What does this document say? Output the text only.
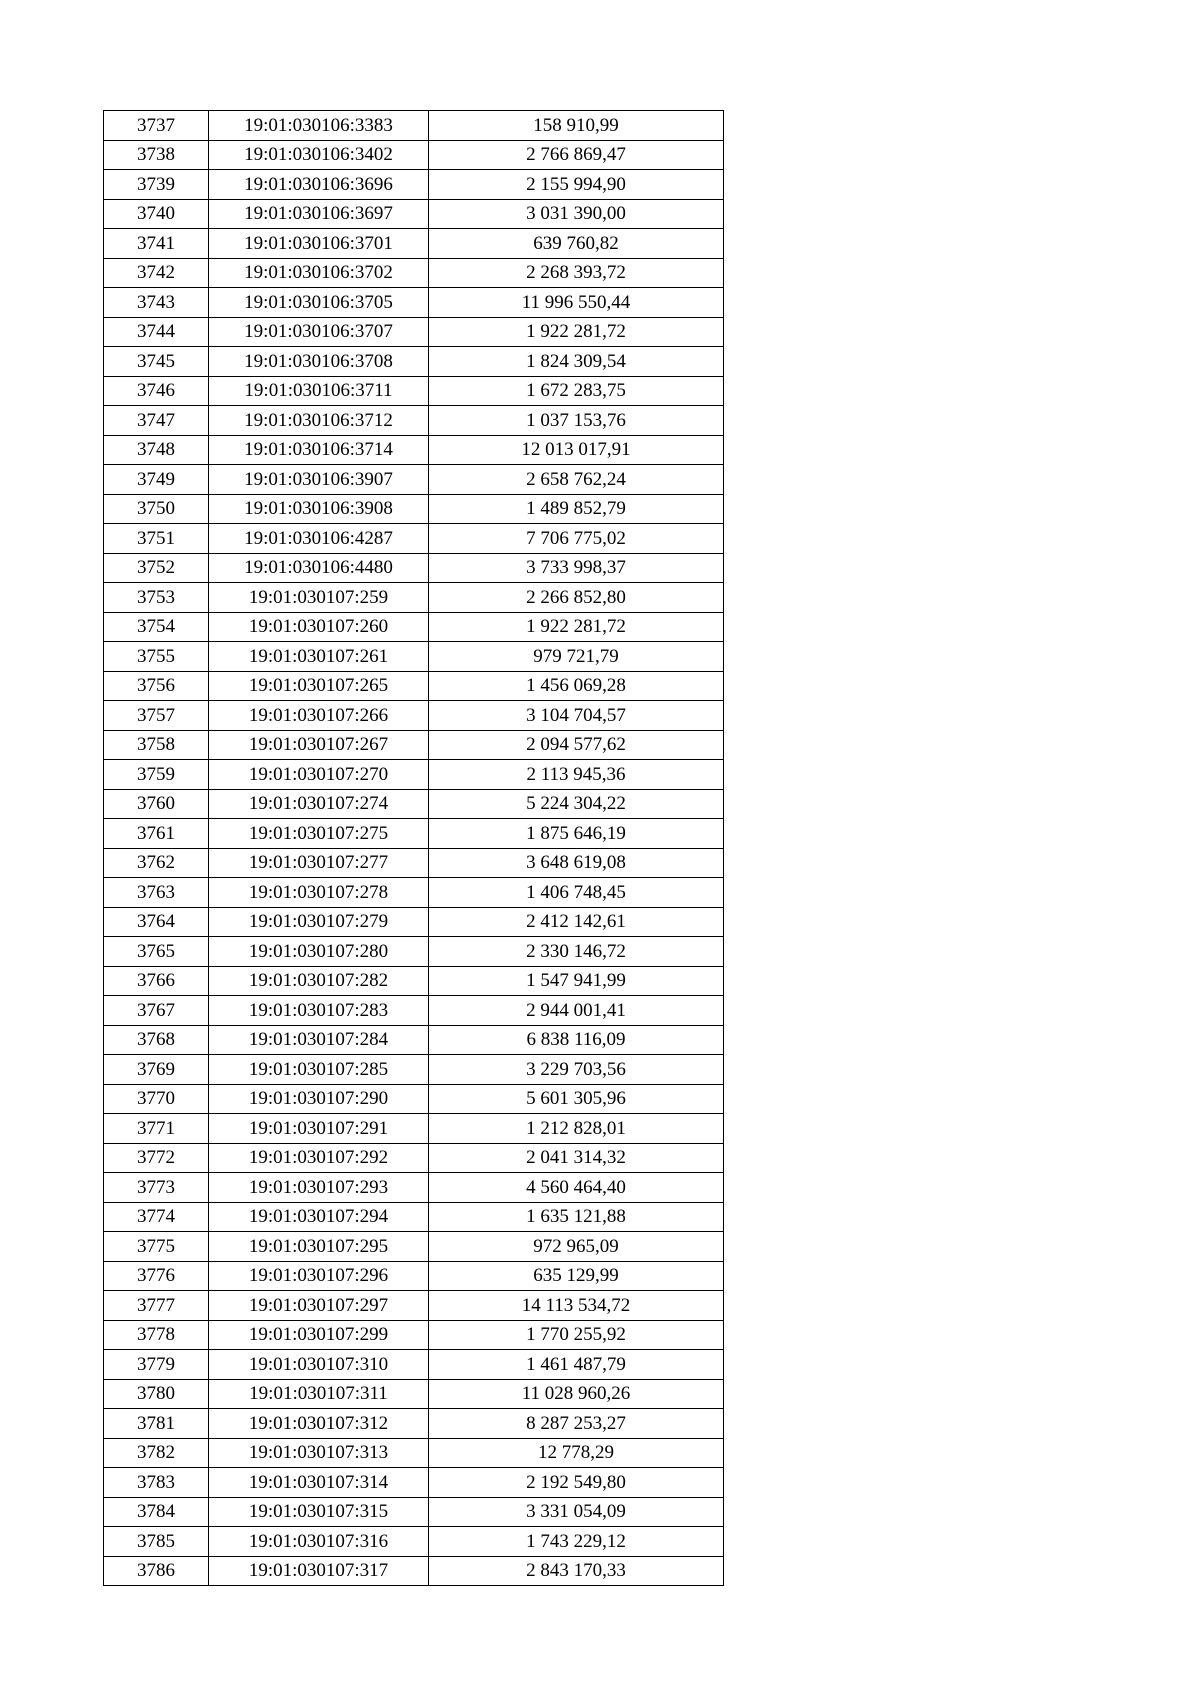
3737	19:01:030106:3383	158 910,99
3738	19:01:030106:3402	2 766 869,47
3739	19:01:030106:3696	2 155 994,90
3740	19:01:030106:3697	3 031 390,00
3741	19:01:030106:3701	639 760,82
3742	19:01:030106:3702	2 268 393,72
3743	19:01:030106:3705	11 996 550,44
3744	19:01:030106:3707	1 922 281,72
3745	19:01:030106:3708	1 824 309,54
3746	19:01:030106:3711	1 672 283,75
3747	19:01:030106:3712	1 037 153,76
3748	19:01:030106:3714	12 013 017,91
3749	19:01:030106:3907	2 658 762,24
3750	19:01:030106:3908	1 489 852,79
3751	19:01:030106:4287	7 706 775,02
3752	19:01:030106:4480	3 733 998,37
3753	19:01:030107:259	2 266 852,80
3754	19:01:030107:260	1 922 281,72
3755	19:01:030107:261	979 721,79
3756	19:01:030107:265	1 456 069,28
3757	19:01:030107:266	3 104 704,57
3758	19:01:030107:267	2 094 577,62
3759	19:01:030107:270	2 113 945,36
3760	19:01:030107:274	5 224 304,22
3761	19:01:030107:275	1 875 646,19
3762	19:01:030107:277	3 648 619,08
3763	19:01:030107:278	1 406 748,45
3764	19:01:030107:279	2 412 142,61
3765	19:01:030107:280	2 330 146,72
3766	19:01:030107:282	1 547 941,99
3767	19:01:030107:283	2 944 001,41
3768	19:01:030107:284	6 838 116,09
3769	19:01:030107:285	3 229 703,56
3770	19:01:030107:290	5 601 305,96
3771	19:01:030107:291	1 212 828,01
3772	19:01:030107:292	2 041 314,32
3773	19:01:030107:293	4 560 464,40
3774	19:01:030107:294	1 635 121,88
3775	19:01:030107:295	972 965,09
3776	19:01:030107:296	635 129,99
3777	19:01:030107:297	14 113 534,72
3778	19:01:030107:299	1 770 255,92
3779	19:01:030107:310	1 461 487,79
3780	19:01:030107:311	11 028 960,26
3781	19:01:030107:312	8 287 253,27
3782	19:01:030107:313	12 778,29
3783	19:01:030107:314	2 192 549,80
3784	19:01:030107:315	3 331 054,09
3785	19:01:030107:316	1 743 229,12
3786	19:01:030107:317	2 843 170,33
